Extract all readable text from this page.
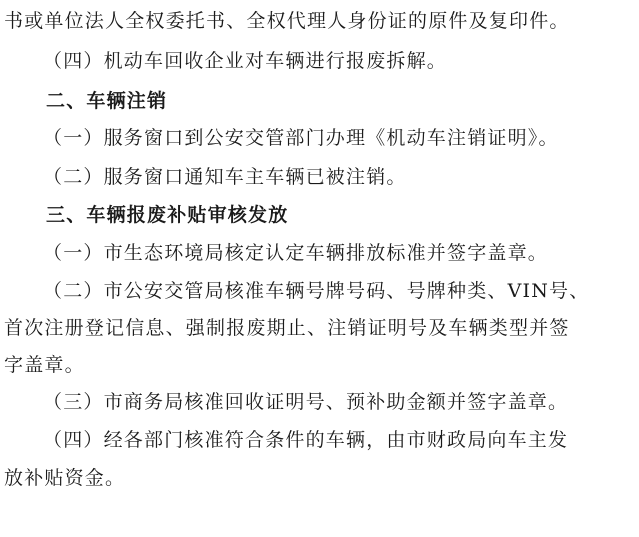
书或单位法人全权委托书、全权代理人身份证的原件及复印件。
（四）机动车回收企业对车辆进行报废拆解。
二、车辆注销
（一）服务窗口到公安交管部门办理《机动车注销证明》。
（二）服务窗口通知车主车辆已被注销。
三、车辆报废补贴审核发放
（一）市生态环境局核定认定车辆排放标准并签字盖章。
（二）市公安交管局核准车辆号牌号码、号牌种类、VIN号、
首次注册登记信息、强制报废期止、注销证明号及车辆类型并签
字盖章。
（三）市商务局核准回收证明号、预补助金额并签字盖章。
（四）经各部门核准符合条件的车辆，由市财政局向车主发
放补贴资金。
